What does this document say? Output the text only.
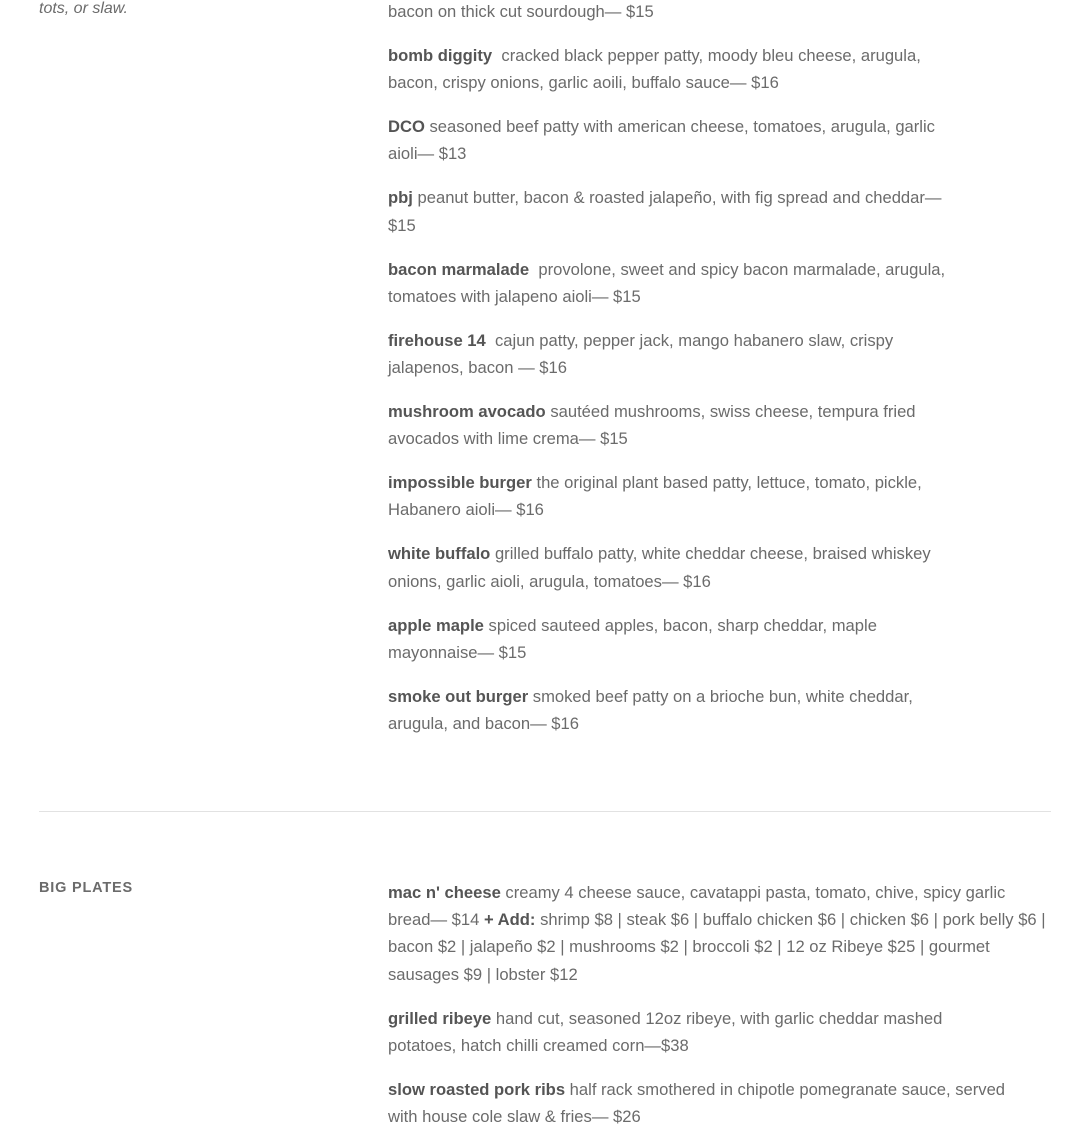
tots, or slaw.	bacon on thick cut sourdough— $15
bomb diggity cracked black pepper patty, moody bleu cheese, arugula, bacon, crispy onions, garlic aoili, buffalo sauce— $16
DCO seasoned beef patty with american cheese, tomatoes, arugula, garlic aioli— $13
pbj peanut butter, bacon & roasted jalapeño, with fig spread and cheddar— $15
bacon marmalade provolone, sweet and spicy bacon marmalade, arugula, tomatoes with jalapeno aioli— $15
firehouse 14 cajun patty, pepper jack, mango habanero slaw, crispy jalapenos, bacon — $16
mushroom avocado sautéed mushrooms, swiss cheese, tempura fried avocados with lime crema— $15
impossible burger the original plant based patty, lettuce, tomato, pickle, Habanero aioli— $16
white buffalo grilled buffalo patty, white cheddar cheese, braised whiskey onions, garlic aioli, arugula, tomatoes— $16
apple maple spiced sauteed apples, bacon, sharp cheddar, maple mayonnaise— $15
smoke out burger smoked beef patty on a brioche bun, white cheddar, arugula, and bacon— $16
BIG PLATES	mac n' cheese creamy 4 cheese sauce, cavatappi pasta, tomato, chive, spicy garlic bread— $14 + Add: shrimp $8 | steak $6 | buffalo chicken $6 | chicken $6 | pork belly $6 | bacon $2 | jalapeño $2 | mushrooms $2 | broccoli $2 | 12 oz Ribeye $25 | gourmet sausages $9 | lobster $12
grilled ribeye hand cut, seasoned 12oz ribeye, with garlic cheddar mashed potatoes, hatch chilli creamed corn—$38
slow roasted pork ribs half rack smothered in chipotle pomegranate sauce, served with house cole slaw & fries— $26
